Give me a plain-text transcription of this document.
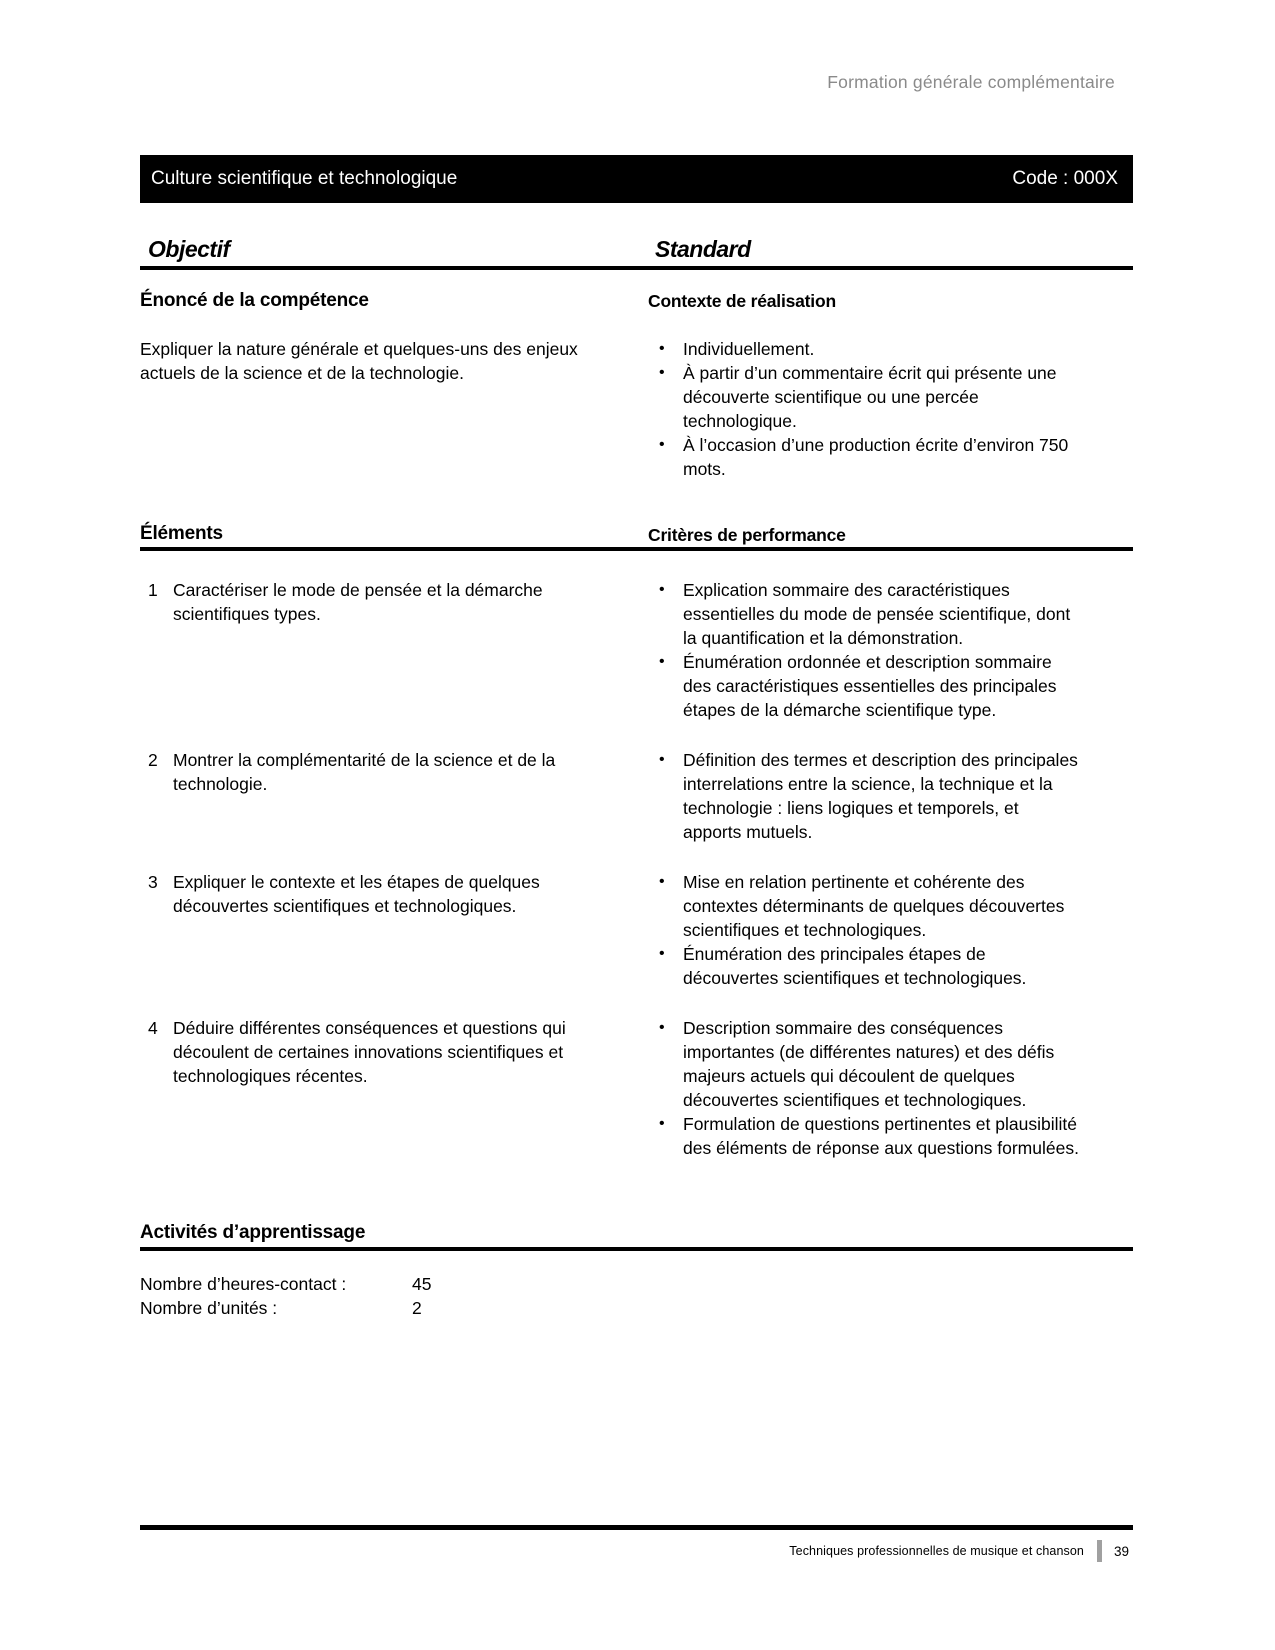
Formation générale complémentaire
Culture scientifique et technologique	Code : 000X
Objectif	Standard
Énoncé de la compétence	Contexte de réalisation
Expliquer la nature générale et quelques-uns des enjeux actuels de la science et de la technologie.
•	Individuellement.
•	À partir d’un commentaire écrit qui présente une découverte scientifique ou une percée technologique.
•	À l’occasion d’une production écrite d’environ 750 mots.
Éléments	Critères de performance
1 Caractériser le mode de pensée et la démarche scientifiques types.
•	Explication sommaire des caractéristiques essentielles du mode de pensée scientifique, dont la quantification et la démonstration.
•	Énumération ordonnée et description sommaire des caractéristiques essentielles des principales étapes de la démarche scientifique type.
2 Montrer la complémentarité de la science et de la technologie.
•	Définition des termes et description des principales interrelations entre la science, la technique et la technologie : liens logiques et temporels, et apports mutuels.
3 Expliquer le contexte et les étapes de quelques découvertes scientifiques et technologiques.
•	Mise en relation pertinente et cohérente des contextes déterminants de quelques découvertes scientifiques et technologiques.
•	Énumération des principales étapes de découvertes scientifiques et technologiques.
4 Déduire différentes conséquences et questions qui découlent de certaines innovations scientifiques et technologiques récentes.
•	Description sommaire des conséquences importantes (de différentes natures) et des défis majeurs actuels qui découlent de quelques découvertes scientifiques et technologiques.
•	Formulation de questions pertinentes et plausibilité des éléments de réponse aux questions formulées.
Activités d’apprentissage
Nombre d’heures-contact :	45
Nombre d’unités :	2
Techniques professionnelles de musique et chanson 39
